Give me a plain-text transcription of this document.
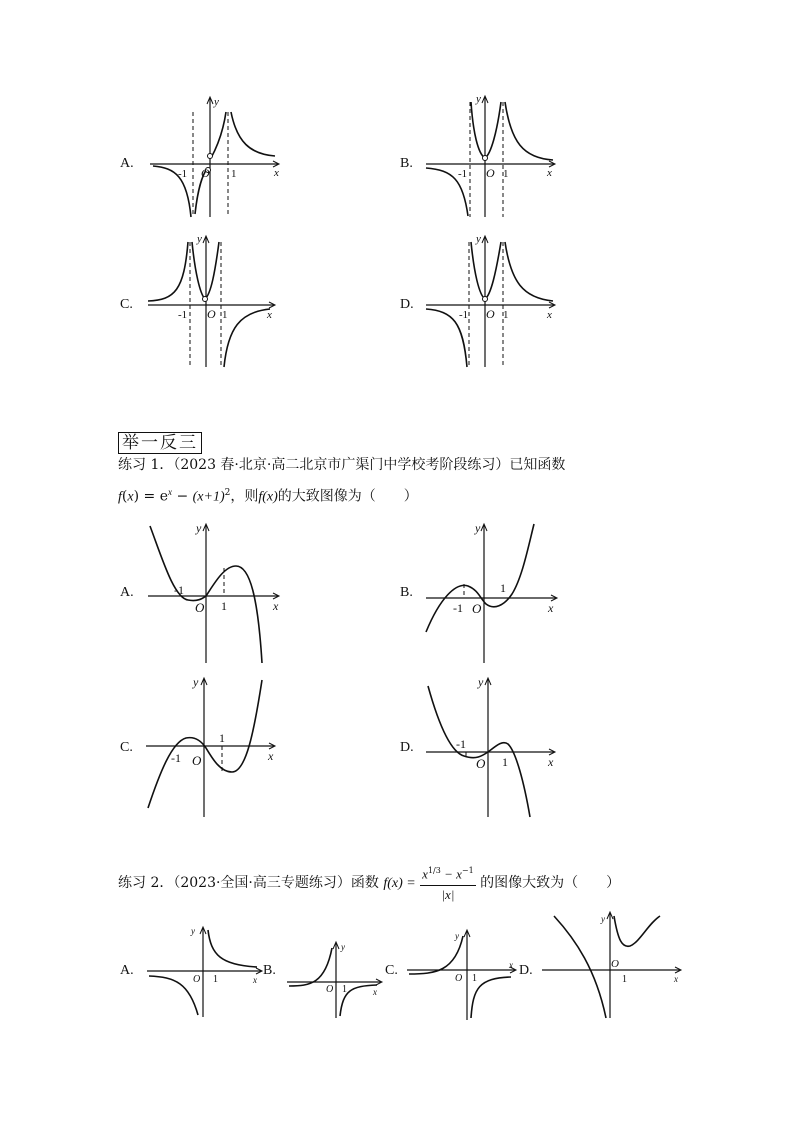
A.
x
y
-1 O 1
B.
x
y
-1 O 1
C.
x
y
-1 O 1
D.
x
y
-1 O 1
举一反三
练习 1．（2023 春·北京·高二北京市广渠门中学校考阶段练习）已知函数
$f(x) = e^x - (x+1)^2$，则f(x)的大致图像为（　　）
A.
x
y
-1
O 1
B.
x
y
-1 O
1
C.
x
y
-1 O
1
D.
x
y
-1
O 1
练习 2．（2023·全国·高三专题练习）函数 $f(x) = \frac{x^{1/3} - x^{-1}}{|x|}$ 的图像大致为（　　）
A.
x
y
O 1
B.
y
O 1	x
C.
y
O 1
x D.
y
O
1	x
